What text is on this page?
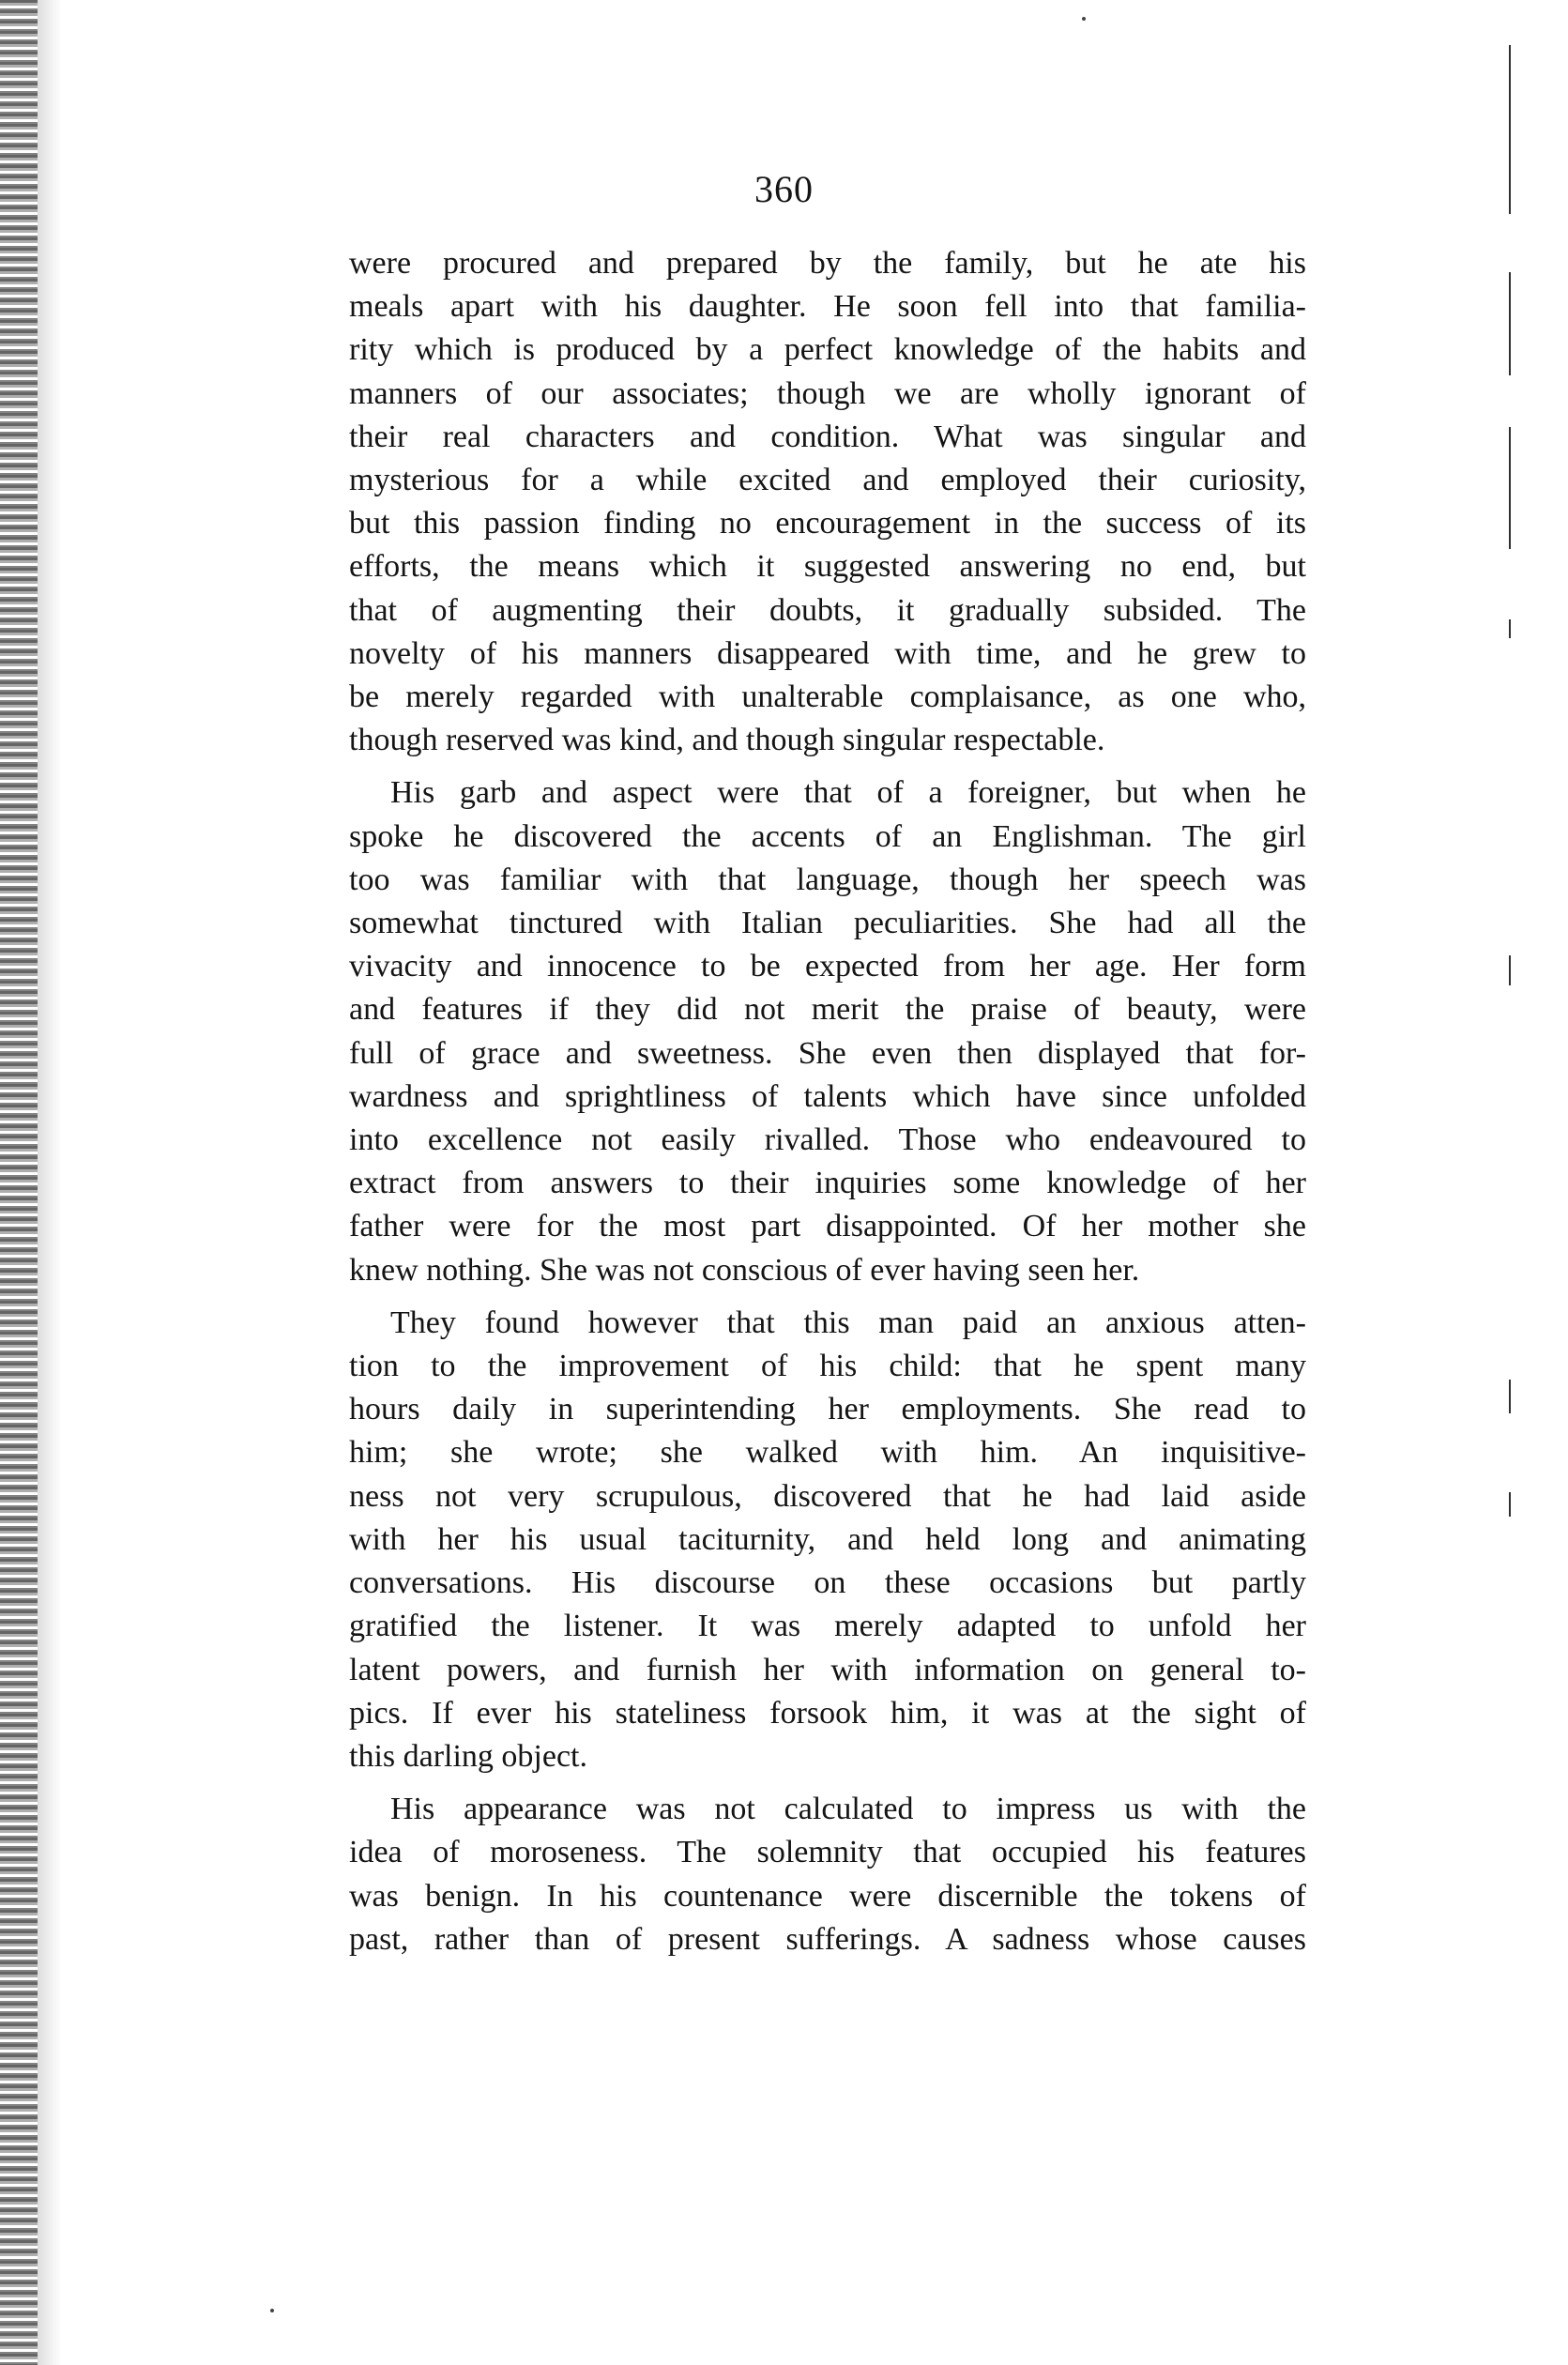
360

were procured and prepared by the family, but he ate his
meals apart with his daughter. He soon fell into that familia-
rity which is produced by a perfect knowledge of the habits and
manners of our associates; though we are wholly ignorant of
their real characters and condition. What was singular and
mysterious for a while excited and employed their curiosity,
but this passion finding no encouragement in the success of its
efforts, the means which it suggested answering no end, but
that of augmenting their doubts, it gradually subsided. The
novelty of his manners disappeared with time, and he grew to
be merely regarded with unalterable complaisance, as one who,
though reserved was kind, and though singular respectable.

His garb and aspect were that of a foreigner, but when he
spoke he discovered the accents of an Englishman. The girl
too was familiar with that language, though her speech was
somewhat tinctured with Italian peculiarities. She had all the
vivacity and innocence to be expected from her age. Her form
and features if they did not merit the praise of beauty, were
full of grace and sweetness. She even then displayed that for-
wardness and sprightliness of talents which have since unfolded
into excellence not easily rivalled. Those who endeavoured to
extract from answers to their inquiries some knowledge of her
father were for the most part disappointed. Of her mother she
knew nothing. She was not conscious of ever having seen her.

They found however that this man paid an anxious atten-
tion to the improvement of his child: that he spent many
hours daily in superintending her employments. She read to
him; she wrote; she walked with him. An inquisitive-
ness not very scrupulous, discovered that he had laid aside
with her his usual taciturnity, and held long and animating
conversations. His discourse on these occasions but partly
gratified the listener. It was merely adapted to unfold her
latent powers, and furnish her with information on general to-
pics. If ever his stateliness forsook him, it was at the sight of
this darling object.

His appearance was not calculated to impress us with the
idea of moroseness. The solemnity that occupied his features
was benign. In his countenance were discernible the tokens of
past, rather than of present sufferings. A sadness whose causes
